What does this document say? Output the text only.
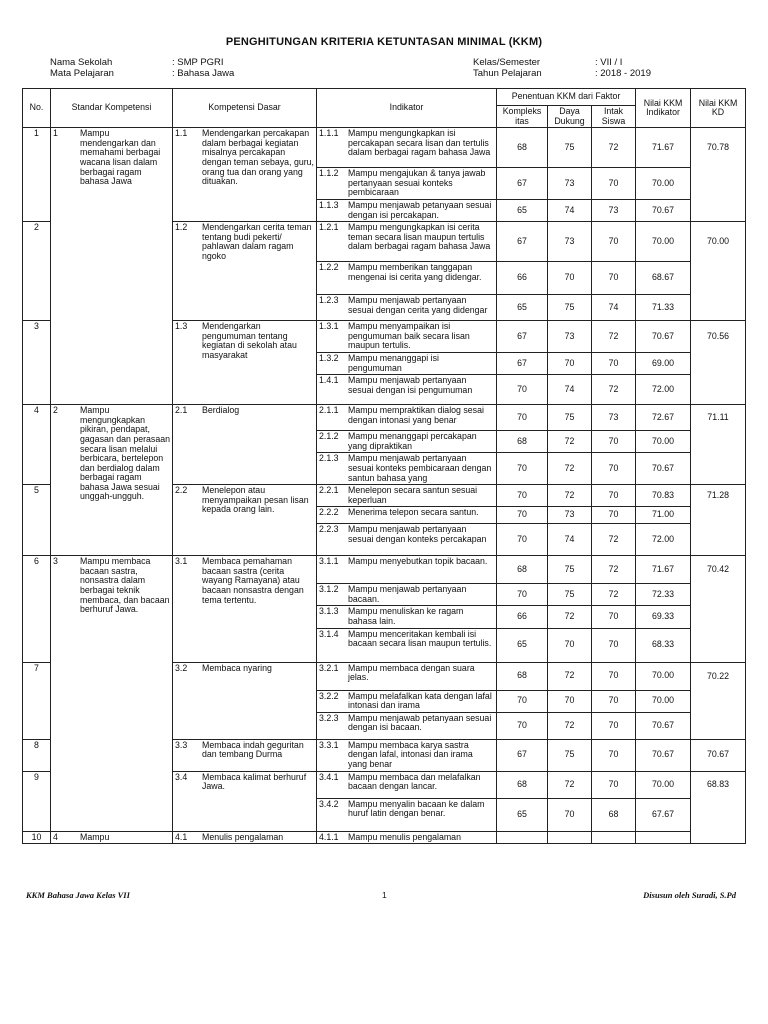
PENGHITUNGAN KRITERIA KETUNTASAN MINIMAL (KKM)
Nama Sekolah	: SMP PGRI
Mata Pelajaran	: Bahasa Jawa
Kelas/Semester	: VII / I
Tahun Pelajaran	: 2018 - 2019
No.	Standar Kompetensi	Kompetensi Dasar	Indikator	Penentuan KKM dari Faktor			Nilai KKM Indikator	Nilai KKM KD
				Kompleks itas	Daya Dukung	Intak Siswa		
1	1 Mampu mendengarkan dan memahami berbagai wacana lisan dalam berbagai ragam bahasa Jawa	1.1 Mendengarkan percakapan dalam berbagai kegiatan misalnya percakapan dengan teman sebaya, guru, orang tua dan orang yang dituakan.	1.1.1 Mampu mengungkapkan isi percakapan secara lisan dan tertulis dalam berbagai ragam bahasa Jawa	68	75	72	71.67	70.78

			1.1.2 Mampu mengajukan & tanya jawab pertanyaan sesuai konteks pembicaraan	67	73	70	70.00	

			1.1.3 Mampu menjawab petanyaan sesuai dengan isi percakapan.	65	74	73	70.67	
2		1.2 Mendengarkan cerita teman tentang budi pekerti/ pahlawan dalam ragam ngoko	1.2.1 Mampu mengungkapkan isi cerita teman secara lisan maupun tertulis dalam berbagai ragam bahasa Jawa	67	73	70	70.00	70.00

			1.2.2 Mampu memberikan tanggapan mengenai isi cerita yang didengar.	66	70	70	68.67	

			1.2.3 Mampu menjawab pertanyaan sesuai dengan cerita yang didengar	65	75	74	71.33	
3		1.3 Mendengarkan pengumuman tentang kegiatan di sekolah atau masyarakat	1.3.1 Mampu menyampaikan isi pengumuman baik secara lisan maupun tertulis.	67	73	72	70.67	70.56

			1.3.2 Mampu menanggapi isi pengumuman	67	70	70	69.00	

			1.4.1 Mampu menjawab pertanyaan sesuai dengan isi pengumuman	70	74	72	72.00	
4	2 Mampu mengungkapkan pikiran, pendapat, gagasan dan perasaan secara lisan melalui berbicara, bertelepon dan berdialog dalam berbagai ragam bahasa Jawa sesuai unggah-ungguh.	2.1 Berdialog	2.1.1 Mampu mempraktikan dialog sesai dengan intonasi yang benar	70	75	73	72.67	71.11

			2.1.2 Mampu menanggapi percakapan yang dipraktikan	68	72	70	70.00	

			2.1.3 Mampu menjawab pertanyaan sesuai konteks pembicaraan dengan santun bahasa yang	70	72	70	70.67	
5		2.2 Menelepon atau menyampaikan pesan lisan kepada orang lain.	2.2.1 Menelepon secara santun sesuai keperluan	70	72	70	70.83	71.28

			2.2.2 Menerima telepon secara santun.	70	73	70	71.00	

			2.2.3 Mampu menjawab pertanyaan sesuai dengan konteks percakapan	70	74	72	72.00	
6	3 Mampu membaca bacaan sastra, nonsastra dalam berbagai teknik membaca, dan bacaan berhuruf Jawa.	3.1 Membaca pemahaman bacaan sastra (cerita wayang Ramayana) atau bacaan nonsastra dengan tema tertentu.	3.1.1 Mampu menyebutkan topik bacaan.	68	75	72	71.67	70.42

			3.1.2 Mampu menjawab pertanyaan bacaan.	70	75	72	72.33	

			3.1.3 Mampu menuliskan ke ragam bahasa lain.	66	72	70	69.33	

			3.1.4 Mampu menceritakan kembali isi bacaan secara lisan maupun tertulis.	65	70	70	68.33	
7		3.2 Membaca nyaring	3.2.1 Mampu membaca dengan suara jelas.	68	72	70	70.00	70.22

			3.2.2 Mampu melafalkan kata dengan lafal intonasi dan irama	70	70	70	70.00	

			3.2.3 Mampu menjawab petanyaan sesuai dengan isi bacaan.	70	72	70	70.67	
8		3.3 Membaca indah geguritan dan tembang Durma	3.3.1 Mampu membaca karya sastra dengan lafal, intonasi dan irama yang benar	67	75	70	70.67	70.67
9		3.4 Membaca kalimat berhuruf Jawa.	3.4.1 Mampu membaca dan melafalkan bacaan dengan lancar.	68	72	70	70.00	68.83

			3.4.2 Mampu menyalin bacaan ke dalam huruf latin dengan benar.	65	70	68	67.67	
10	4 Mampu	4.1 Menulis pengalaman	4.1.1 Mampu menulis pengalaman					

KKM Bahasa Jawa Kelas VII	1	Disusun oleh Suradi, S.Pd
